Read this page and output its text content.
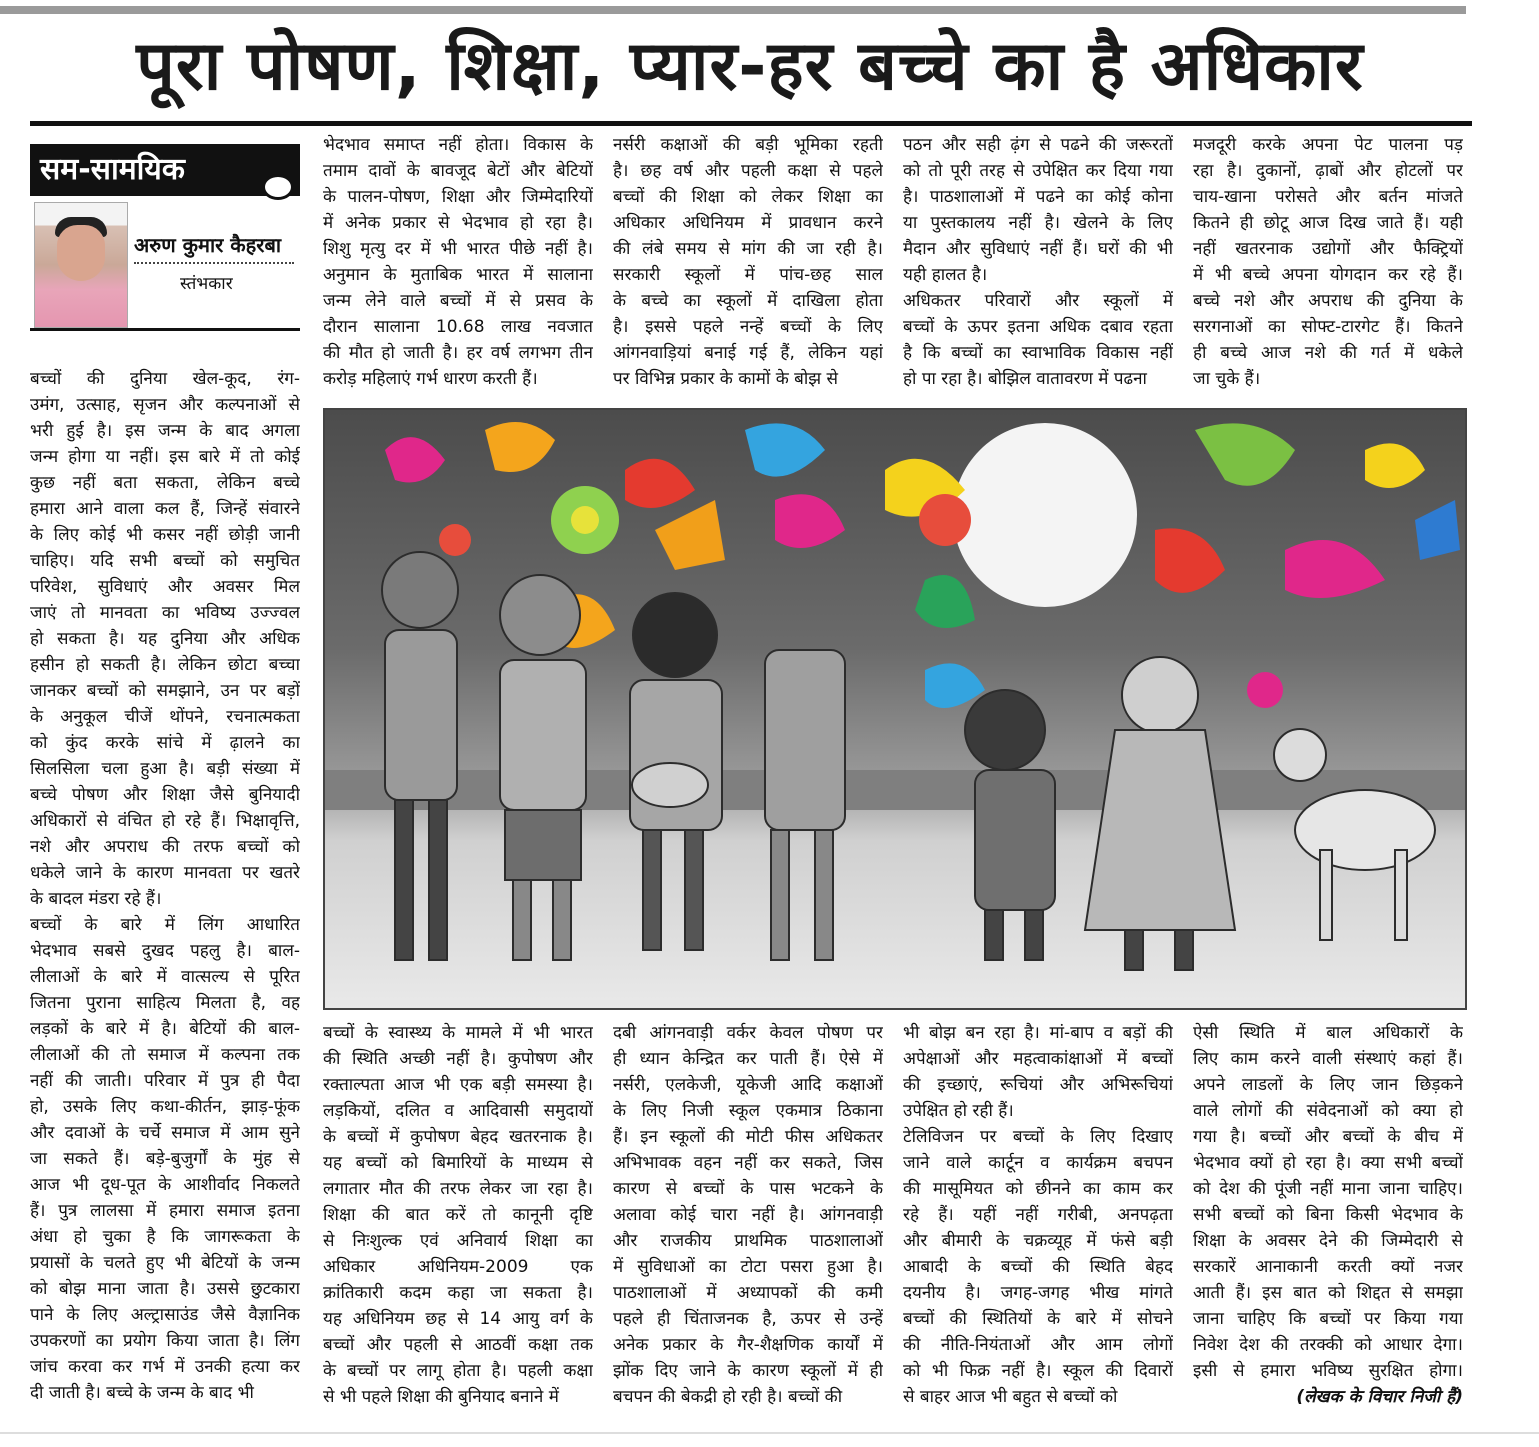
पूरा पोषण, शिक्षा, प्यार-हर बच्चे का है अधिकार
सम-सामयिक
अरुण कुमार कैहरबा
स्तंभकार
बच्चों की दुनिया खेल-कूद, रंग-
उमंग, उत्साह, सृजन और कल्पनाओं से
भरी हुई है। इस जन्म के बाद अगला
जन्म होगा या नहीं। इस बारे में तो कोई
कुछ नहीं बता सकता, लेकिन बच्चे
हमारा आने वाला कल हैं, जिन्हें संवारने
के लिए कोई भी कसर नहीं छोड़ी जानी
चाहिए। यदि सभी बच्चों को समुचित
परिवेश, सुविधाएं और अवसर मिल
जाएं तो मानवता का भविष्य उज्ज्वल
हो सकता है। यह दुनिया और अधिक
हसीन हो सकती है। लेकिन छोटा बच्चा
जानकर बच्चों को समझाने, उन पर बड़ों
के अनुकूल चीजें थोंपने, रचनात्मकता
को कुंद करके सांचे में ढ़ालने का
सिलसिला चला हुआ है। बड़ी संख्या में
बच्चे पोषण और शिक्षा जैसे बुनियादी
अधिकारों से वंचित हो रहे हैं। भिक्षावृत्ति,
नशे और अपराध की तरफ बच्चों को
धकेले जाने के कारण मानवता पर खतरे
के बादल मंडरा रहे हैं।
बच्चों के बारे में लिंग आधारित
भेदभाव सबसे दुखद पहलु है। बाल-
लीलाओं के बारे में वात्सल्य से पूरित
जितना पुराना साहित्य मिलता है, वह
लड़कों के बारे में है। बेटियों की बाल-
लीलाओं की तो समाज में कल्पना तक
नहीं की जाती। परिवार में पुत्र ही पैदा
हो, उसके लिए कथा-कीर्तन, झाड़-फूंक
और दवाओं के चर्चे समाज में आम सुने
जा सकते हैं। बड़े-बुजुर्गों के मुंह से
आज भी दूध-पूत के आशीर्वाद निकलते
हैं। पुत्र लालसा में हमारा समाज इतना
अंधा हो चुका है कि जागरूकता के
प्रयासों के चलते हुए भी बेटियों के जन्म
को बोझ माना जाता है। उससे छुटकारा
पाने के लिए अल्ट्रासाउंड जैसे वैज्ञानिक
उपकरणों का प्रयोग किया जाता है। लिंग
जांच करवा कर गर्भ में उनकी हत्या कर
दी जाती है। बच्चे के जन्म के बाद भी
भेदभाव समाप्त नहीं होता। विकास के
तमाम दावों के बावजूद बेटों और बेटियों
के पालन-पोषण, शिक्षा और जिम्मेदारियों
में अनेक प्रकार से भेदभाव हो रहा है।
शिशु मृत्यु दर में भी भारत पीछे नहीं है।
अनुमान के मुताबिक भारत में सालाना
जन्म लेने वाले बच्चों में से प्रसव के
दौरान सालाना 10.68 लाख नवजात
की मौत हो जाती है। हर वर्ष लगभग तीन
करोड़ महिलाएं गर्भ धारण करती हैं।
नर्सरी कक्षाओं की बड़ी भूमिका रहती
है। छह वर्ष और पहली कक्षा से पहले
बच्चों की शिक्षा को लेकर शिक्षा का
अधिकार अधिनियम में प्रावधान करने
की लंबे समय से मांग की जा रही है।
सरकारी स्कूलों में पांच-छह साल
के बच्चे का स्कूलों में दाखिला होता
है। इससे पहले नन्हें बच्चों के लिए
आंगनवाड़ियां बनाई गई हैं, लेकिन यहां
पर विभिन्न प्रकार के कामों के बोझ से
पठन और सही ढ़ंग से पढने की जरूरतों
को तो पूरी तरह से उपेक्षित कर दिया गया
है। पाठशालाओं में पढने का कोई कोना
या पुस्तकालय नहीं है। खेलने के लिए
मैदान और सुविधाएं नहीं हैं। घरों की भी
यही हालत है।
अधिकतर परिवारों और स्कूलों में
बच्चों के ऊपर इतना अधिक दबाव रहता
है कि बच्चों का स्वाभाविक विकास नहीं
हो पा रहा है। बोझिल वातावरण में पढना
मजदूरी करके अपना पेट पालना पड़
रहा है। दुकानों, ढ़ाबों और होटलों पर
चाय-खाना परोसते और बर्तन मांजते
कितने ही छोटू आज दिख जाते हैं। यही
नहीं खतरनाक उद्योगों और फैक्ट्रियों
में भी बच्चे अपना योगदान कर रहे हैं।
बच्चे नशे और अपराध की दुनिया के
सरगनाओं का सोफ्ट-टारगेट हैं। कितने
ही बच्चे आज नशे की गर्त में धकेले
जा चुके हैं।
बच्चों के स्वास्थ्य के मामले में भी भारत
की स्थिति अच्छी नहीं है। कुपोषण और
रक्ताल्पता आज भी एक बड़ी समस्या है।
लड़कियों, दलित व आदिवासी समुदायों
के बच्चों में कुपोषण बेहद खतरनाक है।
यह बच्चों को बिमारियों के माध्यम से
लगातार मौत की तरफ लेकर जा रहा है।
शिक्षा की बात करें तो कानूनी दृष्टि
से निःशुल्क एवं अनिवार्य शिक्षा का
अधिकार अधिनियम-2009 एक
क्रांतिकारी कदम कहा जा सकता है।
यह अधिनियम छह से 14 आयु वर्ग के
बच्चों और पहली से आठवीं कक्षा तक
के बच्चों पर लागू होता है। पहली कक्षा
से भी पहले शिक्षा की बुनियाद बनाने में
दबी आंगनवाड़ी वर्कर केवल पोषण पर
ही ध्यान केन्द्रित कर पाती हैं। ऐसे में
नर्सरी, एलकेजी, यूकेजी आदि कक्षाओं
के लिए निजी स्कूल एकमात्र ठिकाना
हैं। इन स्कूलों की मोटी फीस अधिकतर
अभिभावक वहन नहीं कर सकते, जिस
कारण से बच्चों के पास भटकने के
अलावा कोई चारा नहीं है। आंगनवाड़ी
और राजकीय प्राथमिक पाठशालाओं
में सुविधाओं का टोटा पसरा हुआ है।
पाठशालाओं में अध्यापकों की कमी
पहले ही चिंताजनक है, ऊपर से उन्हें
अनेक प्रकार के गैर-शैक्षणिक कार्यों में
झोंक दिए जाने के कारण स्कूलों में ही
बचपन की बेकद्री हो रही है। बच्चों की
भी बोझ बन रहा है। मां-बाप व बड़ों की
अपेक्षाओं और महत्वाकांक्षाओं में बच्चों
की इच्छाएं, रूचियां और अभिरूचियां
उपेक्षित हो रही हैं।
टेलिविजन पर बच्चों के लिए दिखाए
जाने वाले कार्टून व कार्यक्रम बचपन
की मासूमियत को छीनने का काम कर
रहे हैं। यहीं नहीं गरीबी, अनपढ़ता
और बीमारी के चक्रव्यूह में फंसे बड़ी
आबादी के बच्चों की स्थिति बेहद
दयनीय है। जगह-जगह भीख मांगते
बच्चों की स्थितियों के बारे में सोचने
की नीति-नियंताओं और आम लोगों
को भी फिक्र नहीं है। स्कूल की दिवारों
से बाहर आज भी बहुत से बच्चों को
ऐसी स्थिति में बाल अधिकारों के
लिए काम करने वाली संस्थाएं कहां हैं।
अपने लाडलों के लिए जान छिड़कने
वाले लोगों की संवेदनाओं को क्या हो
गया है। बच्चों और बच्चों के बीच में
भेदभाव क्यों हो रहा है। क्या सभी बच्चों
को देश की पूंजी नहीं माना जाना चाहिए।
सभी बच्चों को बिना किसी भेदभाव के
शिक्षा के अवसर देने की जिम्मेदारी से
सरकारें आनाकानी करती क्यों नजर
आती हैं। इस बात को शिद्दत से समझा
जाना चाहिए कि बच्चों पर किया गया
निवेश देश की तरक्की को आधार देगा।
इसी से हमारा भविष्य सुरक्षित होगा।
(लेखक के विचार निजी हैं)
